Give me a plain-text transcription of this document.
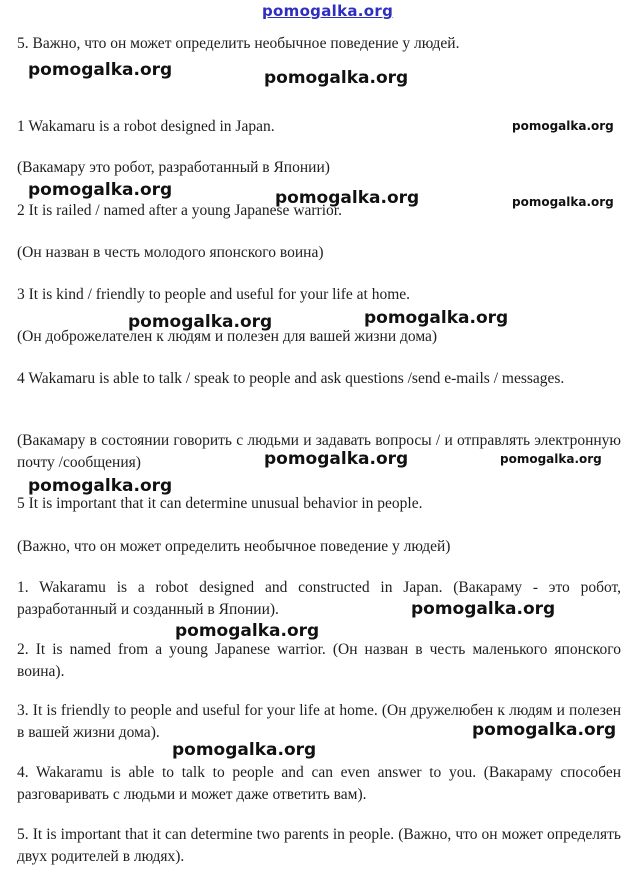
pomogalka.org
5. Важно, что он может определить необычное поведение у людей.
1 Wakamaru is a robot designed in Japan.
(Вакамару это робот, разработанный в Японии)
2 It is railed / named after a young Japanese warrior.
(Он назван в честь молодого японского воина)
3 It is kind / friendly to people and useful for your life at home.
(Он доброжелателен к людям и полезен для вашей жизни дома)
4 Wakamaru is able to talk / speak to people and ask questions /send e-mails / messages.
(Вакамару в состоянии говорить с людьми и задавать вопросы / и отправлять электронную почту /сообщения)
5 It is important that it can determine unusual behavior in people.
(Важно, что он может определить необычное поведение у людей)
1. Wakaramu is a robot designed and constructed in Japan. (Вакараму - это робот, разработанный и созданный в Японии).
2. It is named from a young Japanese warrior. (Он назван в честь маленького японского воина).
3. It is friendly to people and useful for your life at home. (Он дружелюбен к людям и полезен в вашей жизни дома).
4. Wakaramu is able to talk to people and can even answer to you. (Вакараму способен разговаривать с людьми и может даже ответить вам).
5. It is important that it can determine two parents in people. (Важно, что он может определять двух родителей в людях).
pomogalka.org	pomogalka.org
pomogalka.org
pomogalka.org	pomogalka.org	pomogalka.org
pomogalka.org	pomogalka.org
pomogalka.org	pomogalka.org
pomogalka.org
pomogalka.org
pomogalka.org
pomogalka.org
pomogalka.org
